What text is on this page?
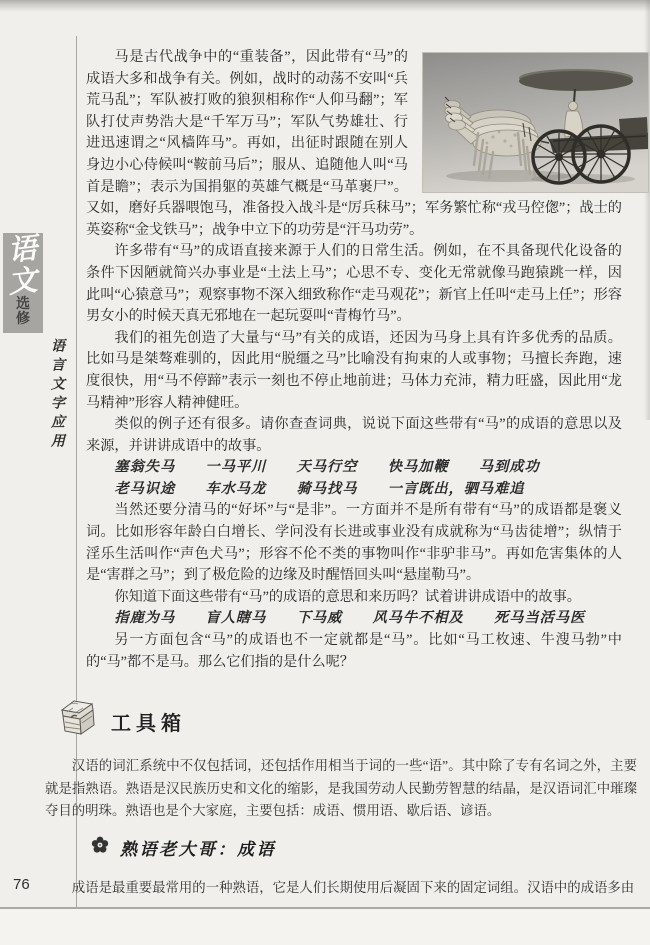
语
文
选
修
语言文字应用
76

马是古代战争中的“重装备”，因此带有“马”的成语大多和战争有关。例如，战时的动荡不安叫“兵荒马乱”；军队被打败的狼狈相称作“人仰马翻”；军队打仗声势浩大是“千军万马”；军队气势雄壮、行进迅速谓之“风樯阵马”。再如，出征时跟随在别人身边小心侍候叫“鞍前马后”；服从、追随他人叫“马首是瞻”；表示为国捐躯的英雄气概是“马革裹尸”。又如，磨好兵器喂饱马，准备投入战斗是“厉兵秣马”；军务繁忙称“戎马倥偬”；战士的英姿称“金戈铁马”；战争中立下的功劳是“汗马功劳”。

许多带有“马”的成语直接来源于人们的日常生活。例如，在不具备现代化设备的条件下因陋就简兴办事业是“土法上马”；心思不专、变化无常就像马跑猿跳一样，因此叫“心猿意马”；观察事物不深入细致称作“走马观花”；新官上任叫“走马上任”；形容男女小的时候天真无邪地在一起玩耍叫“青梅竹马”。

我们的祖先创造了大量与“马”有关的成语，还因为马身上具有许多优秀的品质。比如马是桀骜难驯的，因此用“脱缰之马”比喻没有拘束的人或事物；马擅长奔跑，速度很快，用“马不停蹄”表示一刻也不停止地前进；马体力充沛，精力旺盛，因此用“龙马精神”形容人精神健旺。

类似的例子还有很多。请你查查词典，说说下面这些带有“马”的成语的意思以及来源，并讲讲成语中的故事。

塞翁失马　　一马平川　　天马行空　　快马加鞭　　马到成功

老马识途　　车水马龙　　骑马找马　　一言既出，驷马难追

当然还要分清马的“好坏”与“是非”。一方面并不是所有带有“马”的成语都是褒义词。比如形容年龄白白增长、学问没有长进或事业没有成就称为“马齿徒增”；纵情于淫乐生活叫作“声色犬马”；形容不伦不类的事物叫作“非驴非马”。再如危害集体的人是“害群之马”；到了极危险的边缘及时醒悟回头叫“悬崖勒马”。

你知道下面这些带有“马”的成语的意思和来历吗？试着讲讲成语中的故事。

指鹿为马　　盲人瞎马　　下马威　　风马牛不相及　　死马当活马医

另一方面包含“马”的成语也不一定就都是“马”。比如“马工枚速、牛溲马勃”中的“马”都不是马。那么它们指的是什么呢？

工具箱
汉语的词汇系统中不仅包括词，还包括作用相当于词的一些“语”。其中除了专有名词之外，主要就是指熟语。熟语是汉民族历史和文化的缩影，是我国劳动人民勤劳智慧的结晶，是汉语词汇中璀璨夺目的明珠。熟语也是个大家庭，主要包括：成语、惯用语、歇后语、谚语。
熟语老大哥：成语
成语是最重要最常用的一种熟语，它是人们长期使用后凝固下来的固定词组。汉语中的成语多由
